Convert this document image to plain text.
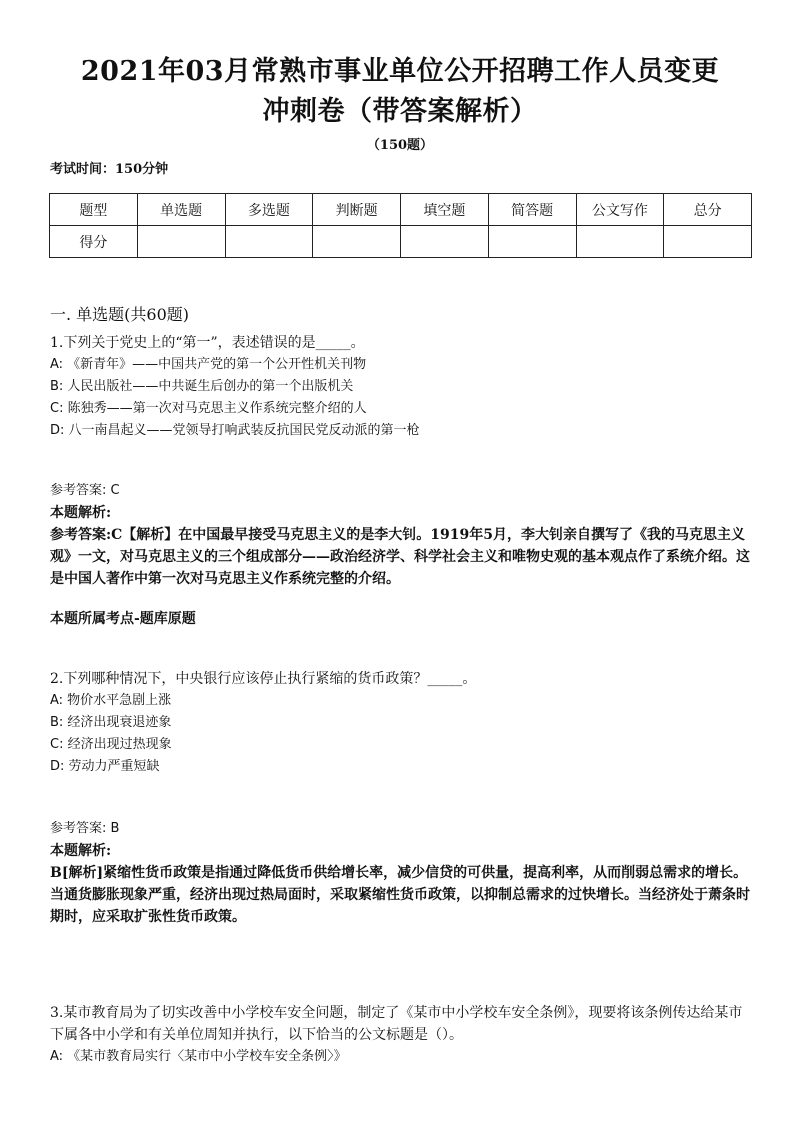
2021年03月常熟市事业单位公开招聘工作人员变更
冲刺卷（带答案解析）
（150题）
考试时间：150分钟
题型	单选题	多选题	判断题	填空题	简答题	公文写作	总分
得分							
一. 单选题(共60题)

1.下列关于党史上的“第一”，表述错误的是_____。

A: 《新青年》——中国共产党的第一个公开性机关刊物

B: 人民出版社——中共诞生后创办的第一个出版机关

C: 陈独秀——第一次对马克思主义作系统完整介绍的人

D: 八一南昌起义——党领导打响武装反抗国民党反动派的第一枪

参考答案: C

本题解析:

参考答案:C【解析】在中国最早接受马克思主义的是李大钊。1919年5月，李大钊亲自撰写了《我的马克思主义观》一文，对马克思主义的三个组成部分——政治经济学、科学社会主义和唯物史观的基本观点作了系统介绍。这是中国人著作中第一次对马克思主义作系统完整的介绍。

本题所属考点-题库原题

2.下列哪种情况下，中央银行应该停止执行紧缩的货币政策？_____。

A: 物价水平急剧上涨

B: 经济出现衰退迹象

C: 经济出现过热现象

D: 劳动力严重短缺

参考答案: B

本题解析:

B[解析]紧缩性货币政策是指通过降低货币供给增长率，减少信贷的可供量，提高利率，从而削弱总需求的增长。当通货膨胀现象严重，经济出现过热局面时，采取紧缩性货币政策，以抑制总需求的过快增长。当经济处于萧条时期时，应采取扩张性货币政策。

3.某市教育局为了切实改善中小学校车安全问题，制定了《某市中小学校车安全条例》，现要将该条例传达给某市下属各中小学和有关单位周知并执行，以下恰当的公文标题是（）。

A: 《某市教育局实行〈某市中小学校车安全条例〉》
